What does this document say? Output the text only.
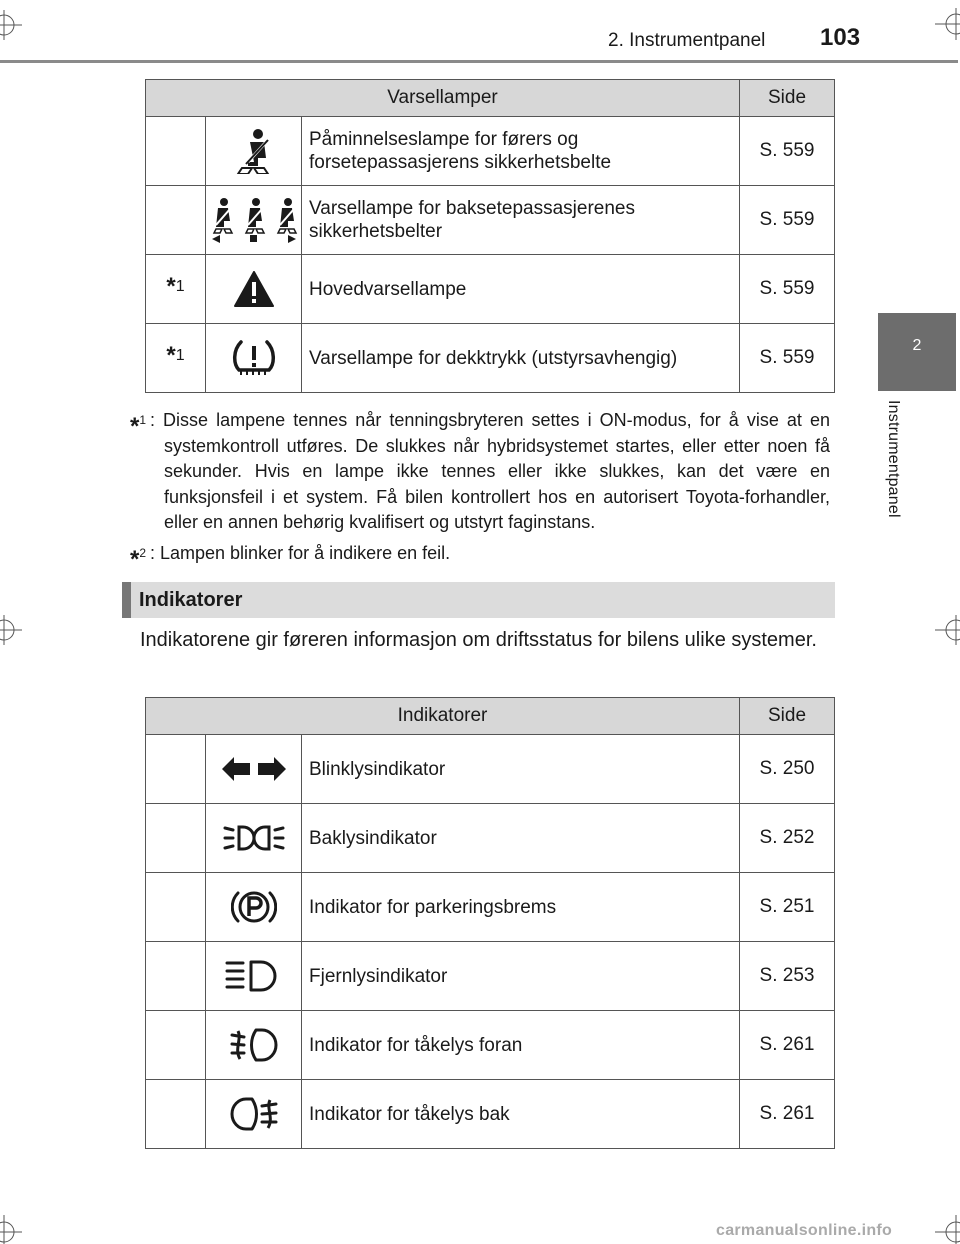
2. Instrumentpanel 103
2
Instrumentpanel
Varsellamper			Side
		Påminnelseslampe for førers og forsetepassasjerens sikkerhetsbelte	S. 559
		Varsellampe for baksetepassasjerenes sikkerhetsbelter	S. 559
*1		Hovedvarsellampe	S. 559
*1		Varsellampe for dekktrykk (utstyrsavhengig)	S. 559
*$^1$ : Disse lampene tennes når tenningsbryteren settes i ON-modus, for å vise at en systemkontroll utføres. De slukkes når hybridsystemet startes, eller etter noen få sekunder. Hvis en lampe ikke tennes eller ikke slukkes, kan det være en funksjonsfeil i et system. Få bilen kontrollert hos en autorisert Toyota-forhandler, eller en annen behørig kvalifisert og utstyrt faginstans.
*$^2$ : Lampen blinker for å indikere en feil.
Indikatorer
Indikatorene gir føreren informasjon om driftsstatus for bilens ulike systemer.
Indikatorer			Side
		Blinklysindikator	S. 250
		Baklysindikator	S. 252
		Indikator for parkeringsbrems	S. 251
		Fjernlysindikator	S. 253
		Indikator for tåkelys foran	S. 261
		Indikator for tåkelys bak	S. 261
carmanualsonline.info
